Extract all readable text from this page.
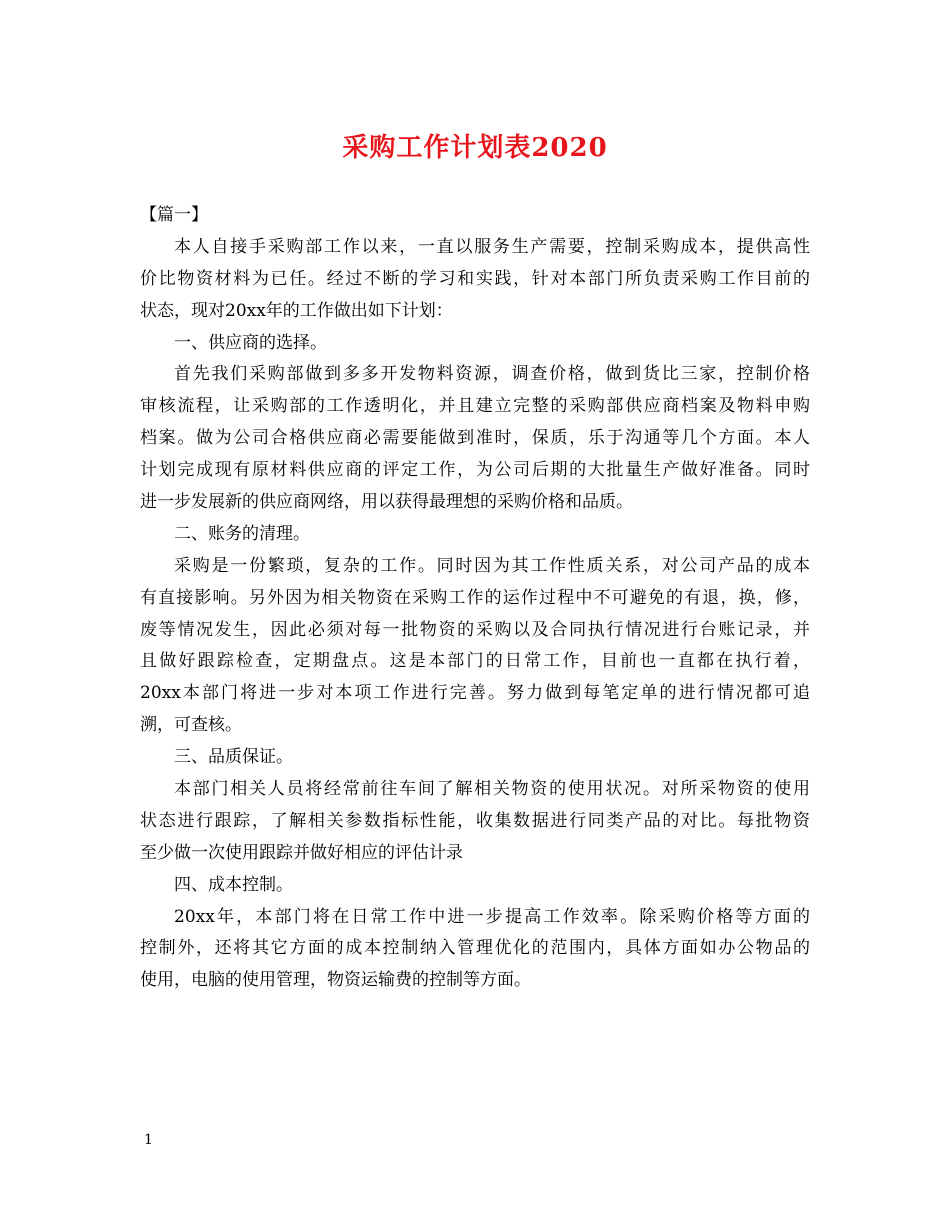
采购工作计划表2020
【篇一】
本人自接手采购部工作以来，一直以服务生产需要，控制采购成本，提供高性
价比物资材料为已任。经过不断的学习和实践，针对本部门所负责采购工作目前的
状态，现对20xx年的工作做出如下计划：
一、供应商的选择。
首先我们采购部做到多多开发物料资源，调查价格，做到货比三家，控制价格
审核流程，让采购部的工作透明化，并且建立完整的采购部供应商档案及物料申购
档案。做为公司合格供应商必需要能做到准时，保质，乐于沟通等几个方面。本人
计划完成现有原材料供应商的评定工作，为公司后期的大批量生产做好准备。同时
进一步发展新的供应商网络，用以获得最理想的采购价格和品质。
二、账务的清理。
采购是一份繁琐，复杂的工作。同时因为其工作性质关系，对公司产品的成本
有直接影响。另外因为相关物资在采购工作的运作过程中不可避免的有退，换，修，
废等情况发生，因此必须对每一批物资的采购以及合同执行情况进行台账记录，并
且做好跟踪检查，定期盘点。这是本部门的日常工作，目前也一直都在执行着，
20xx本部门将进一步对本项工作进行完善。努力做到每笔定单的进行情况都可追
溯，可查核。
三、品质保证。
本部门相关人员将经常前往车间了解相关物资的使用状况。对所采物资的使用
状态进行跟踪，了解相关参数指标性能，收集数据进行同类产品的对比。每批物资
至少做一次使用跟踪并做好相应的评估计录
四、成本控制。
20xx年，本部门将在日常工作中进一步提高工作效率。除采购价格等方面的
控制外，还将其它方面的成本控制纳入管理优化的范围内，具体方面如办公物品的
使用，电脑的使用管理，物资运输费的控制等方面。
1
